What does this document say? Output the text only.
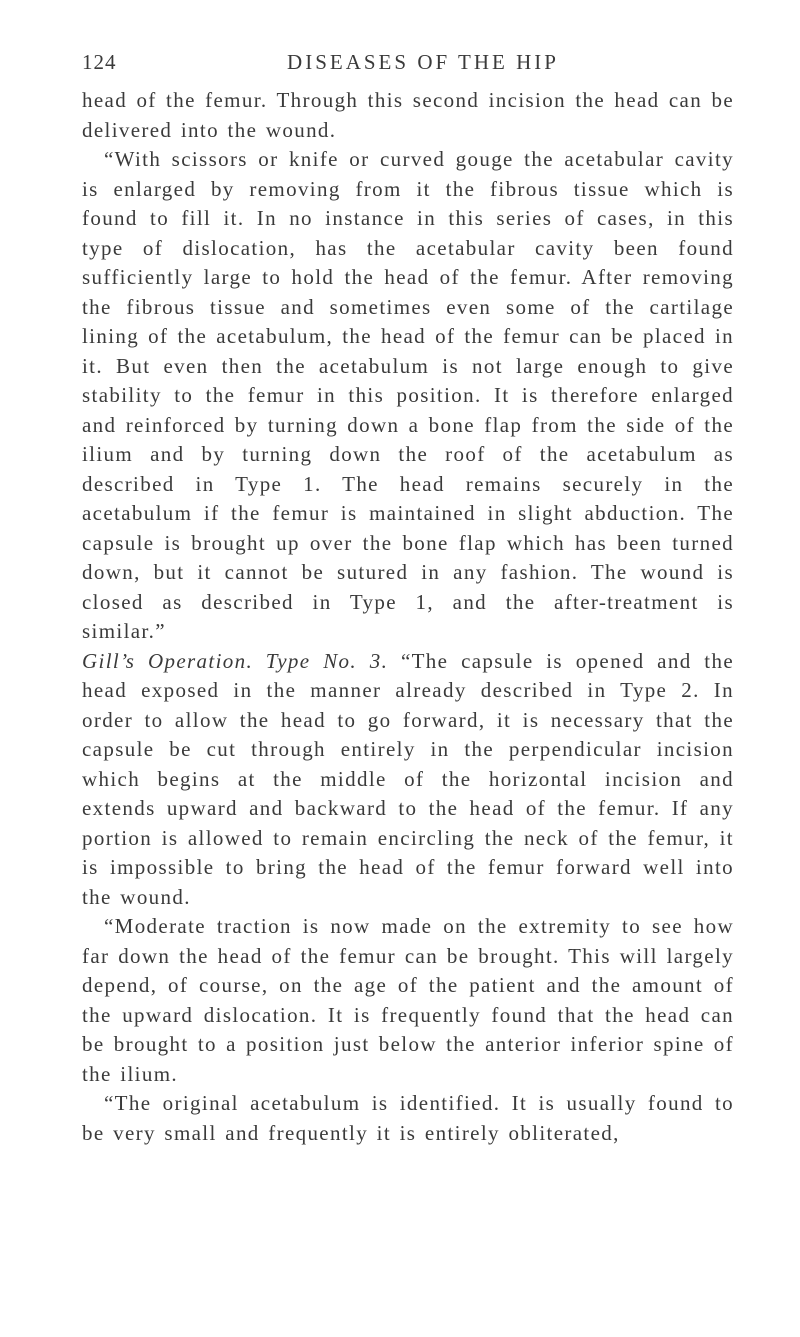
124	DISEASES OF THE HIP

head of the femur. Through this second incision the head can be delivered into the wound.

“With scissors or knife or curved gouge the acetabular cavity is enlarged by removing from it the fibrous tissue which is found to fill it. In no instance in this series of cases, in this type of dislocation, has the acetabular cavity been found sufficiently large to hold the head of the femur. After removing the fibrous tissue and sometimes even some of the cartilage lining of the acetabulum, the head of the femur can be placed in it. But even then the acetabulum is not large enough to give stability to the femur in this position. It is therefore enlarged and reinforced by turning down a bone flap from the side of the ilium and by turning down the roof of the acetabulum as described in Type 1. The head remains securely in the acetabulum if the femur is maintained in slight abduction. The capsule is brought up over the bone flap which has been turned down, but it cannot be sutured in any fashion. The wound is closed as described in Type 1, and the after-treatment is similar.”

Gill’s Operation. Type No. 3. “The capsule is opened and the head exposed in the manner already described in Type 2. In order to allow the head to go forward, it is necessary that the capsule be cut through entirely in the perpendicular incision which begins at the middle of the horizontal incision and extends upward and backward to the head of the femur. If any portion is allowed to remain encircling the neck of the femur, it is impossible to bring the head of the femur forward well into the wound.

“Moderate traction is now made on the extremity to see how far down the head of the femur can be brought. This will largely depend, of course, on the age of the patient and the amount of the upward dislocation. It is frequently found that the head can be brought to a position just below the anterior inferior spine of the ilium.

“The original acetabulum is identified. It is usually found to be very small and frequently it is entirely obliterated,
